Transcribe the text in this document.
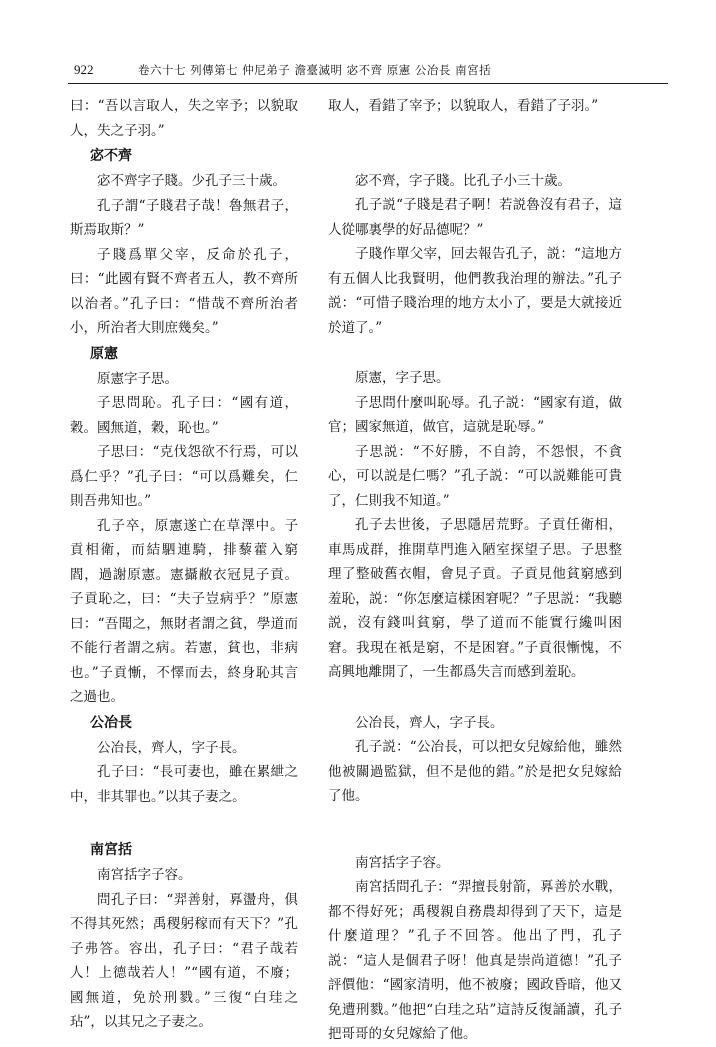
922	卷六十七 列傳第七 仲尼弟子 澹臺滅明 宓不齊 原憲 公冶長 南宮括

曰：“吾以言取人，失之宰予；以貌取人，失之子羽。”

宓不齊

宓不齊字子賤。少孔子三十歲。

孔子謂“子賤君子哉！魯無君子，斯焉取斯？”

子賤爲單父宰，反命於孔子，曰：“此國有賢不齊者五人，教不齊所以治者。”孔子曰：“惜哉不齊所治者小，所治者大則庶幾矣。”

原憲

原憲字子思。

子思問恥。孔子曰：“國有道，穀。國無道，穀，恥也。”

子思曰：“克伐怨欲不行焉，可以爲仁乎？”孔子曰：“可以爲難矣，仁則吾弗知也。”

孔子卒，原憲遂亡在草澤中。子貢相衛，而結駟連騎，排藜藿入窮閻，過謝原憲。憲攝敝衣冠見子貢。子貢恥之，曰：“夫子豈病乎？”原憲曰：“吾聞之，無財者謂之貧，學道而不能行者謂之病。若憲，貧也，非病也。”子貢慚，不懌而去，終身恥其言之過也。

公冶長

公冶長，齊人，字子長。

孔子曰：“長可妻也，雖在累紲之中，非其罪也。”以其子妻之。

南宮括

南宮括字子容。

問孔子曰：“羿善射，奡盪舟，俱不得其死然；禹稷躬稼而有天下？”孔子弗答。容出，孔子曰：“君子哉若人！上德哉若人！”“國有道，不廢；國無道，免於刑戮。”三復“白珪之玷”，以其兄之子妻之。

取人，看錯了宰予；以貌取人，看錯了子羽。”

宓不齊，字子賤。比孔子小三十歲。

孔子説“子賤是君子啊！若説魯沒有君子，這人從哪裏學的好品德呢？”

子賤作單父宰，回去報告孔子，説：“這地方有五個人比我賢明，他們教我治理的辦法。”孔子説：“可惜子賤治理的地方太小了，要是大就接近於道了。”

原憲，字子思。

子思問什麼叫恥辱。孔子説：“國家有道，做官；國家無道，做官，這就是恥辱。”

子思説：“不好勝，不自誇，不怨恨，不貪心，可以説是仁嗎？”孔子説：“可以説難能可貴了，仁則我不知道。”

孔子去世後，子思隱居荒野。子貢任衛相，車馬成群，推開草門進入陋室探望子思。子思整理了整破舊衣帽，會見子貢。子貢見他貧窮感到羞恥，説：“你怎麼這樣困窘呢？”子思説：“我聽説，沒有錢叫貧窮，學了道而不能實行纔叫困窘。我現在衹是窮，不是困窘。”子貢很慚愧，不高興地離開了，一生都爲失言而感到羞恥。

公冶長，齊人，字子長。

孔子説：“公冶長，可以把女兒嫁給他，雖然他被關過監獄，但不是他的錯。”於是把女兒嫁給了他。

南宮括字子容。

南宮括問孔子：“羿擅長射箭，奡善於水戰，都不得好死；禹稷親自務農却得到了天下，這是什麼道理？”孔子不回答。他出了門，孔子説：“這人是個君子呀！他真是崇尚道德！”孔子評價他：“國家清明，他不被廢；國政昏暗，他又免遭刑戮。”他把“白珪之玷”這詩反復誦讀，孔子把哥哥的女兒嫁給了他。
